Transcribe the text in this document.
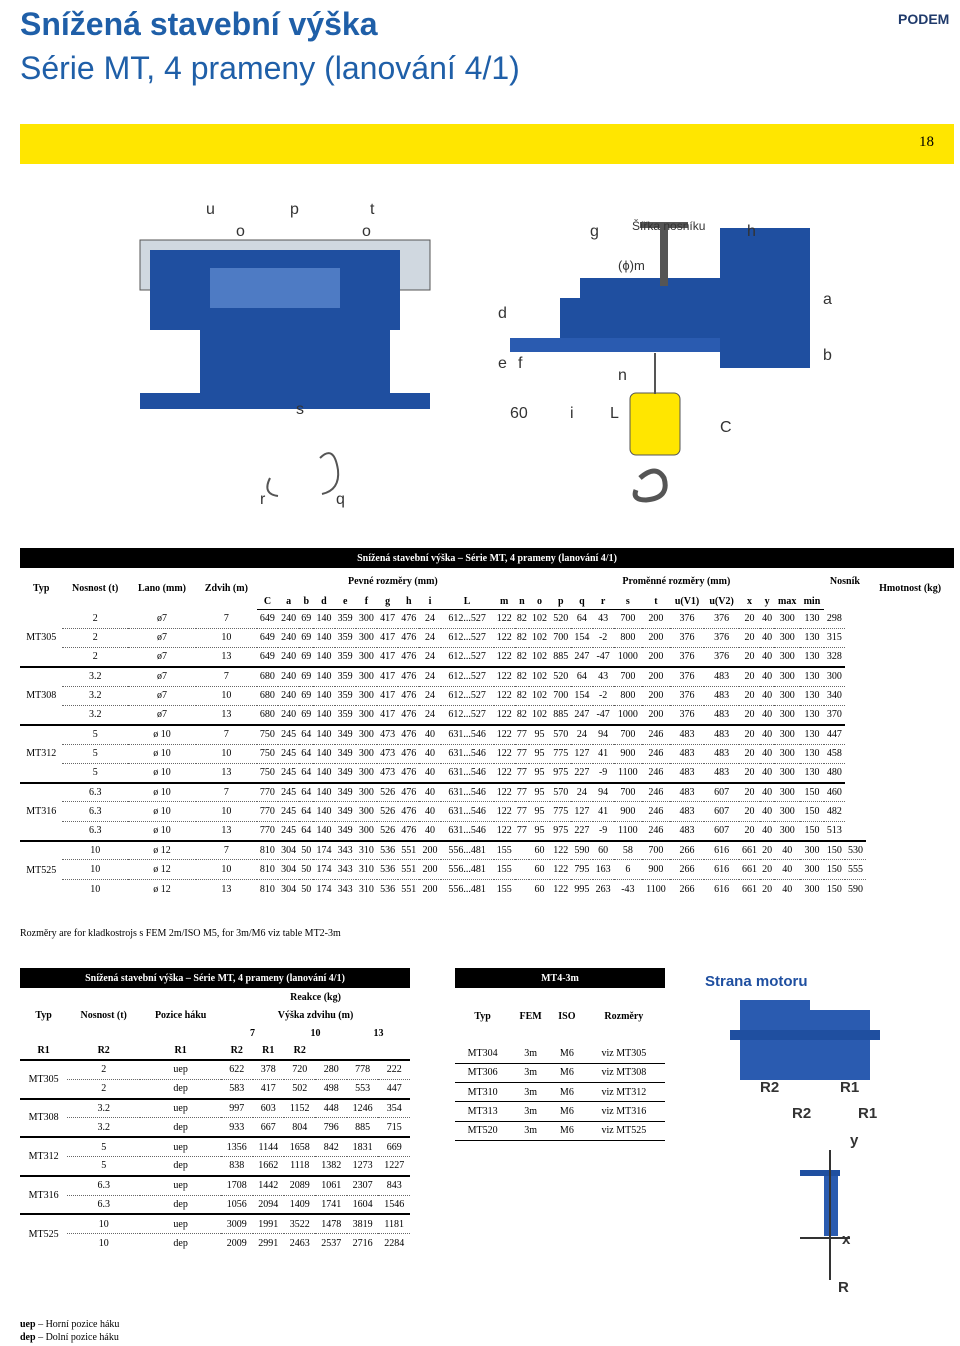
Snížená stavební výška
Série MT, 4 prameny (lanování 4/1)
PODEM
18
u	p	t
o	o
s
r	q
g	Šířka nosníku	h
(ϕ)m
a
b
d
e f
n
60	i L
C
Snížená stavební výška – Série MT, 4 prameny (lanování 4/1)																														
Typ	Nosnost (t)	Lano (mm)	Zdvih (m)	Pevné rozměry (mm)												Proměnné rozměry (mm)												Nosník		Hmotnost (kg)
				C	a	b	d	e	f	g	h	i	L	m	n	o	p	q	r	s	t	u(V1)	u(V2)	x	y	max	min			
MT305	2	ø7	7	649	240	69	140	359	300	417	476	24	612...527	122	82	102	520	64	43	700	200	376	376	20	40	300	130	298		
	2	ø7	10	649	240	69	140	359	300	417	476	24	612...527	122	82	102	700	154	-2	800	200	376	376	20	40	300	130	315		
	2	ø7	13	649	240	69	140	359	300	417	476	24	612...527	122	82	102	885	247	-47	1000	200	376	376	20	40	300	130	328		
MT308	3.2	ø7	7	680	240	69	140	359	300	417	476	24	612...527	122	82	102	520	64	43	700	200	376	483	20	40	300	130	300		
	3.2	ø7	10	680	240	69	140	359	300	417	476	24	612...527	122	82	102	700	154	-2	800	200	376	483	20	40	300	130	340		
	3.2	ø7	13	680	240	69	140	359	300	417	476	24	612...527	122	82	102	885	247	-47	1000	200	376	483	20	40	300	130	370		
MT312	5	ø 10	7	750	245	64	140	349	300	473	476	40	631...546	122	77	95	570	24	94	700	246	483	483	20	40	300	130	447		
	5	ø 10	10	750	245	64	140	349	300	473	476	40	631...546	122	77	95	775	127	41	900	246	483	483	20	40	300	130	458		
	5	ø 10	13	750	245	64	140	349	300	473	476	40	631...546	122	77	95	975	227	-9	1100	246	483	483	20	40	300	130	480		
MT316	6.3	ø 10	7	770	245	64	140	349	300	526	476	40	631...546	122	77	95	570	24	94	700	246	483	607	20	40	300	150	460		
	6.3	ø 10	10	770	245	64	140	349	300	526	476	40	631...546	122	77	95	775	127	41	900	246	483	607	20	40	300	150	482		
	6.3	ø 10	13	770	245	64	140	349	300	526	476	40	631...546	122	77	95	975	227	-9	1100	246	483	607	20	40	300	150	513		
MT525	10	ø 12	7	810	304	50	174	343	310	536	551	200	556...481	155		60	122	590	60	58	700	266	616	661	20	40	300	150	530	
	10	ø 12	10	810	304	50	174	343	310	536	551	200	556...481	155		60	122	795	163	6	900	266	616	661	20	40	300	150	555	
	10	ø 12	13	810	304	50	174	343	310	536	551	200	556...481	155		60	122	995	263	-43	1100	266	616	661	20	40	300	150	590	
Rozměry are for kladkostrojs s FEM 2m/ISO M5, for 3m/M6 viz table MT2-3m
Snížená stavební výška – Série MT, 4 prameny (lanování 4/1)								
Typ	Nosnost (t)	Pozice háku	Reakce (kg)					
			Výška zdvihu (m)					
			7		10		13	
R1	R2	R1	R2	R1	R2			
MT305	2	uep	622	378	720	280	778	222
	2	dep	583	417	502	498	553	447
MT308	3.2	uep	997	603	1152	448	1246	354
	3.2	dep	933	667	804	796	885	715
MT312	5	uep	1356	1144	1658	842	1831	669
	5	dep	838	1662	1118	1382	1273	1227
MT316	6.3	uep	1708	1442	2089	1061	2307	843
	6.3	dep	1056	2094	1409	1741	1604	1546
MT525	10	uep	3009	1991	3522	1478	3819	1181
	10	dep	2009	2991	2463	2537	2716	2284
MT4-3m			
Typ	FEM	ISO	Rozměry
MT304	3m	M6	viz MT305
MT306	3m	M6	viz MT308
MT310	3m	M6	viz MT312
MT313	3m	M6	viz MT316
MT520	3m	M6	viz MT525
Strana motoru
R2	R1
R2	R1
y
x
R
uep – Horní pozice háku
dep – Dolní pozice háku
